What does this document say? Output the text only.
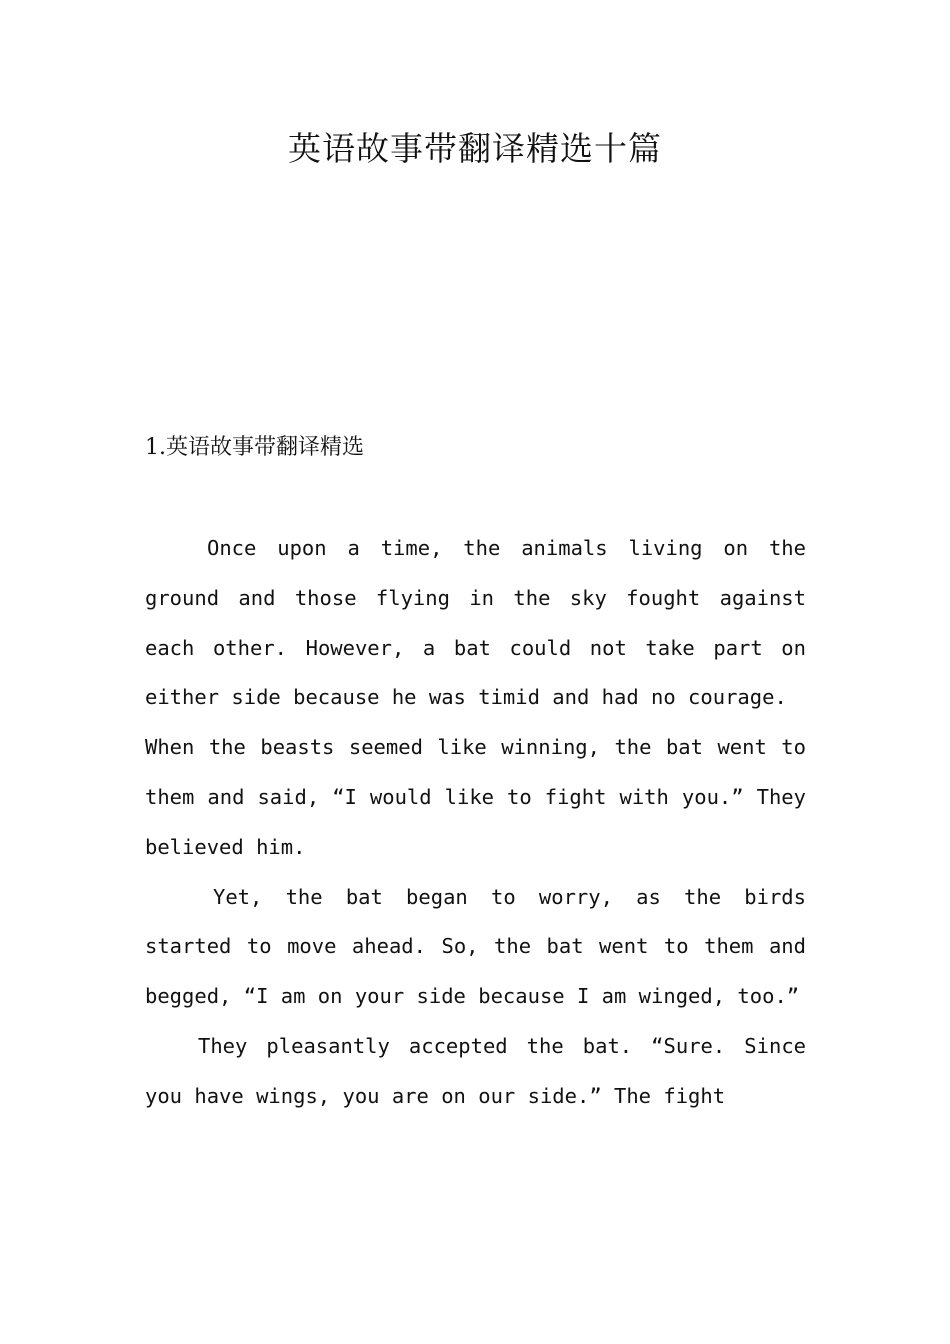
英语故事带翻译精选十篇
1.英语故事带翻译精选

Once upon a time, the animals living on the ground and those flying in the sky fought against each other. However, a bat could not take part on either side because he was timid and had no courage.

When the beasts seemed like winning, the bat went to them and said, “I would like to fight with you.” They believed him.

Yet, the bat began to worry, as the birds started to move ahead. So, the bat went to them and begged, “I am on your side because I am winged, too.”

They pleasantly accepted the bat. “Sure. Since you have wings, you are on our side.” The fight
